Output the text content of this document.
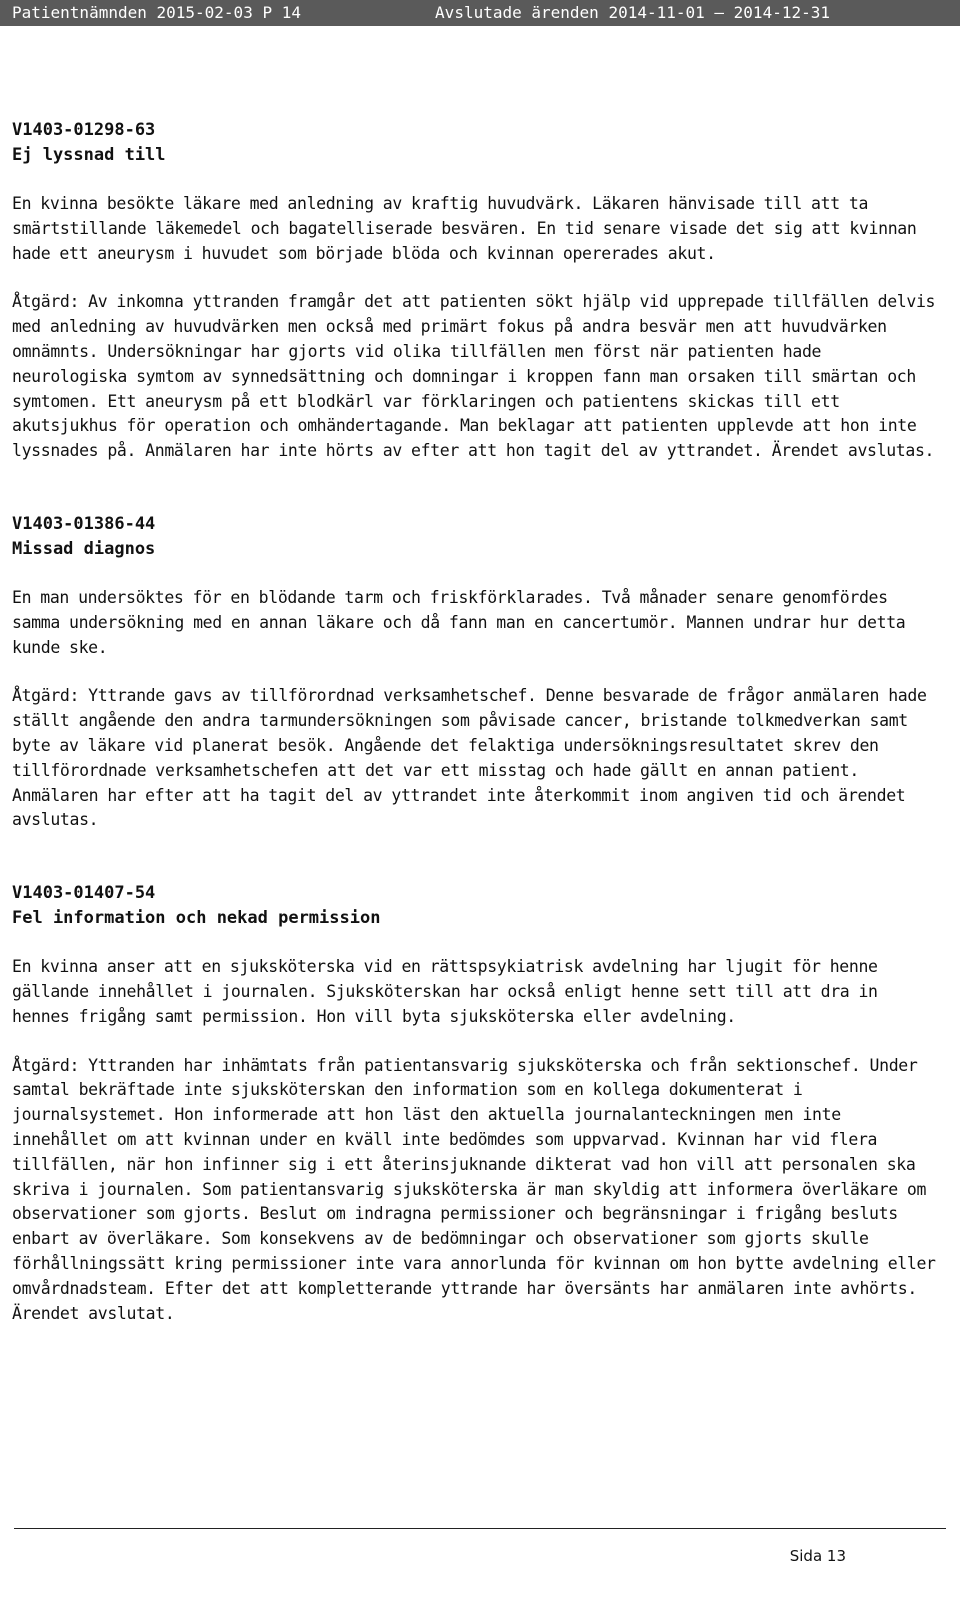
Patientnämnden 2015-02-03 P 14	Avslutade ärenden 2014-11-01 – 2014-12-31
V1403-01298-63
Ej lyssnad till

En kvinna besökte läkare med anledning av kraftig huvudvärk. Läkaren hänvisade till att ta smärtstillande läkemedel och bagatelliserade besvären. En tid senare visade det sig att kvinnan hade ett aneurysm i huvudet som började blöda och kvinnan opererades akut.

Åtgärd: Av inkomna yttranden framgår det att patienten sökt hjälp vid upprepade tillfällen delvis med anledning av huvudvärken men också med primärt fokus på andra besvär men att huvudvärken omnämnts. Undersökningar har gjorts vid olika tillfällen men först när patienten hade neurologiska symtom av synnedsättning och domningar i kroppen fann man orsaken till smärtan och symtomen. Ett aneurysm på ett blodkärl var förklaringen och patientens skickas till ett akutsjukhus för operation och omhändertagande. Man beklagar att patienten upplevde att hon inte lyssnades på. Anmälaren har inte hörts av efter att hon tagit del av yttrandet. Ärendet avslutas.

V1403-01386-44
Missad diagnos

En man undersöktes för en blödande tarm och friskförklarades. Två månader senare genomfördes samma undersökning med en annan läkare och då fann man en cancertumör. Mannen undrar hur detta kunde ske.

Åtgärd: Yttrande gavs av tillförordnad verksamhetschef. Denne besvarade de frågor anmälaren hade ställt angående den andra tarmundersökningen som påvisade cancer, bristande tolkmedverkan samt byte av läkare vid planerat besök. Angående det felaktiga undersökningsresultatet skrev den tillförordnade verksamhetschefen att det var ett misstag och hade gällt en annan patient. Anmälaren har efter att ha tagit del av yttrandet inte återkommit inom angiven tid och ärendet avslutas.

V1403-01407-54
Fel information och nekad permission

En kvinna anser att en sjuksköterska vid en rättspsykiatrisk avdelning har ljugit för henne gällande innehållet i journalen. Sjuksköterskan har också enligt henne sett till att dra in hennes frigång samt permission. Hon vill byta sjuksköterska eller avdelning.

Åtgärd: Yttranden har inhämtats från patientansvarig sjuksköterska och från sektionschef. Under samtal bekräftade inte sjuksköterskan den information som en kollega dokumenterat i journalsystemet. Hon informerade att hon läst den aktuella journalanteckningen men inte innehållet om att kvinnan under en kväll inte bedömdes som uppvarvad. Kvinnan har vid flera tillfällen, när hon infinner sig i ett återinsjuknande dikterat vad hon vill att personalen ska skriva i journalen. Som patientansvarig sjuksköterska är man skyldig att informera överläkare om observationer som gjorts. Beslut om indragna permissioner och begränsningar i frigång besluts enbart av överläkare. Som konsekvens av de bedömningar och observationer som gjorts skulle förhållningssätt kring permissioner inte vara annorlunda för kvinnan om hon bytte avdelning eller omvårdnadsteam. Efter det att kompletterande yttrande har översänts har anmälaren inte avhörts. Ärendet avslutat.

Sida 13
